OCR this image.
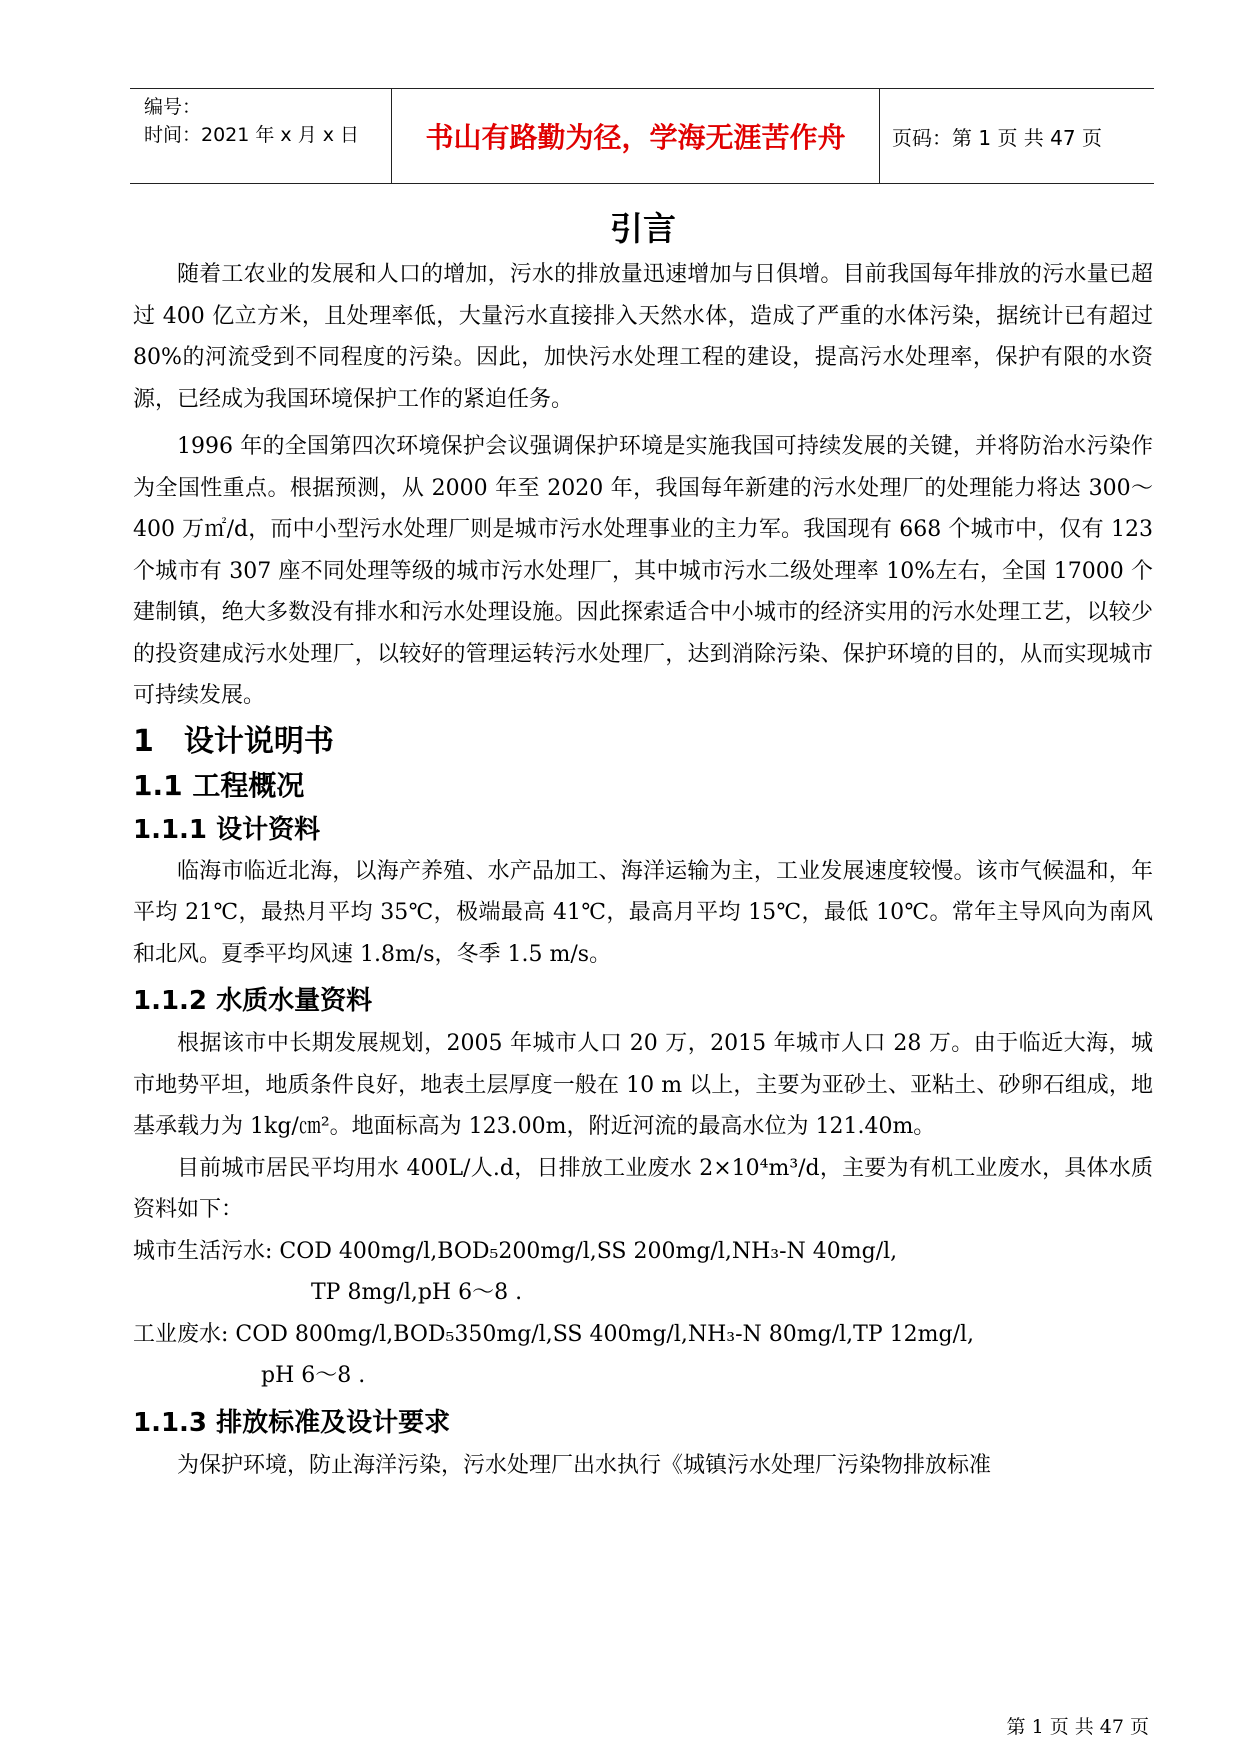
编号：
时间：2021 年 x 月 x 日	书山有路勤为径，学海无涯苦作舟	页码：第 1 页 共 47 页
引言

随着工农业的发展和人口的增加，污水的排放量迅速增加与日俱增。目前我国每年排放的污水量已超过 400 亿立方米，且处理率低，大量污水直接排入天然水体，造成了严重的水体污染，据统计已有超过 80%的河流受到不同程度的污染。因此，加快污水处理工程的建设，提高污水处理率，保护有限的水资源，已经成为我国环境保护工作的紧迫任务。

1996 年的全国第四次环境保护会议强调保护环境是实施我国可持续发展的关键，并将防治水污染作为全国性重点。根据预测，从 2000 年至 2020 年，我国每年新建的污水处理厂的处理能力将达 300～400 万㎡/d，而中小型污水处理厂则是城市污水处理事业的主力军。我国现有 668 个城市中，仅有 123 个城市有 307 座不同处理等级的城市污水处理厂，其中城市污水二级处理率 10%左右，全国 17000 个建制镇，绝大多数没有排水和污水处理设施。因此探索适合中小城市的经济实用的污水处理工艺，以较少的投资建成污水处理厂，以较好的管理运转污水处理厂，达到消除污染、保护环境的目的，从而实现城市可持续发展。

1　设计说明书
1.1 工程概况
1.1.1 设计资料

临海市临近北海，以海产养殖、水产品加工、海洋运输为主，工业发展速度较慢。该市气候温和，年平均 21℃，最热月平均 35℃，极端最高 41℃，最高月平均 15℃，最低 10℃。常年主导风向为南风和北风。夏季平均风速 1.8m/s，冬季 1.5 m/s。

1.1.2 水质水量资料

根据该市中长期发展规划，2005 年城市人口 20 万，2015 年城市人口 28 万。由于临近大海，城市地势平坦，地质条件良好，地表土层厚度一般在 10 m 以上，主要为亚砂土、亚粘土、砂卵石组成，地基承载力为 1kg/㎝²。地面标高为 123.00m，附近河流的最高水位为 121.40m。

目前城市居民平均用水 400L/人.d，日排放工业废水 2×10⁴m³/d，主要为有机工业废水，具体水质资料如下：

城市生活污水: COD 400mg/l,BOD₅200mg/l,SS 200mg/l,NH₃-N 40mg/l,

TP 8mg/l,pH 6～8 .

工业废水: COD 800mg/l,BOD₅350mg/l,SS 400mg/l,NH₃-N 80mg/l,TP 12mg/l,

pH 6～8 .

1.1.3 排放标准及设计要求

为保护环境，防止海洋污染，污水处理厂出水执行《城镇污水处理厂污染物排放标准

第 1 页 共 47 页
